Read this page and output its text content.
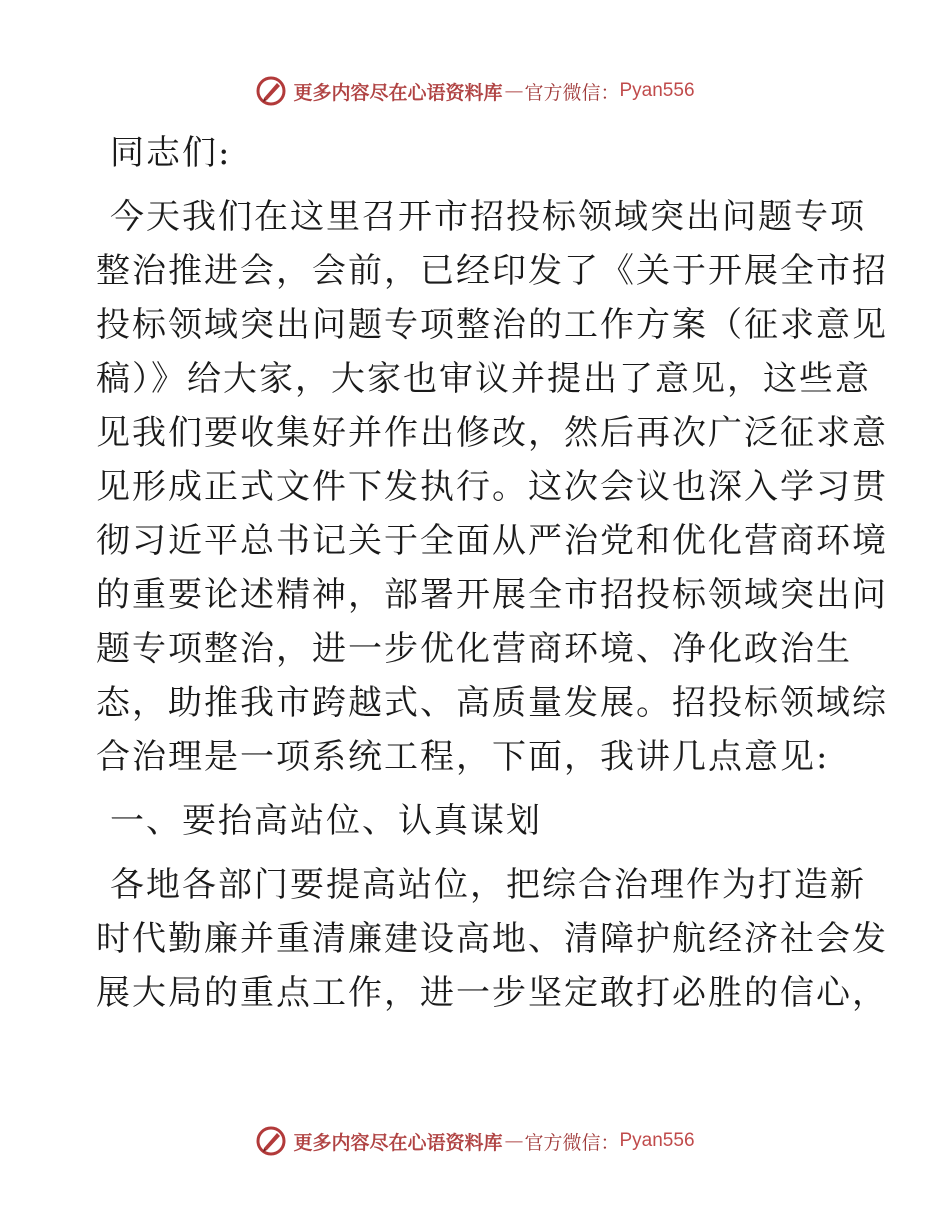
更多内容尽在心语资料库 — 官方微信： Pyan556
同志们:
今天我们在这里召开市招投标领域突出问题专项
整治推进会，会前，已经印发了《关于开展全市招
投标领域突出问题专项整治的工作方案（征求意见
稿）》给大家，大家也审议并提出了意见，这些意
见我们要收集好并作出修改，然后再次广泛征求意
见形成正式文件下发执行。这次会议也深入学习贯
彻习近平总书记关于全面从严治党和优化营商环境
的重要论述精神，部署开展全市招投标领域突出问
题专项整治，进一步优化营商环境、净化政治生
态，助推我市跨越式、高质量发展。招投标领域综
合治理是一项系统工程，下面，我讲几点意见:
一、要抬高站位、认真谋划
各地各部门要提高站位，把综合治理作为打造新
时代勤廉并重清廉建设高地、清障护航经济社会发
展大局的重点工作，进一步坚定敢打必胜的信心，
更多内容尽在心语资料库 — 官方微信： Pyan556
